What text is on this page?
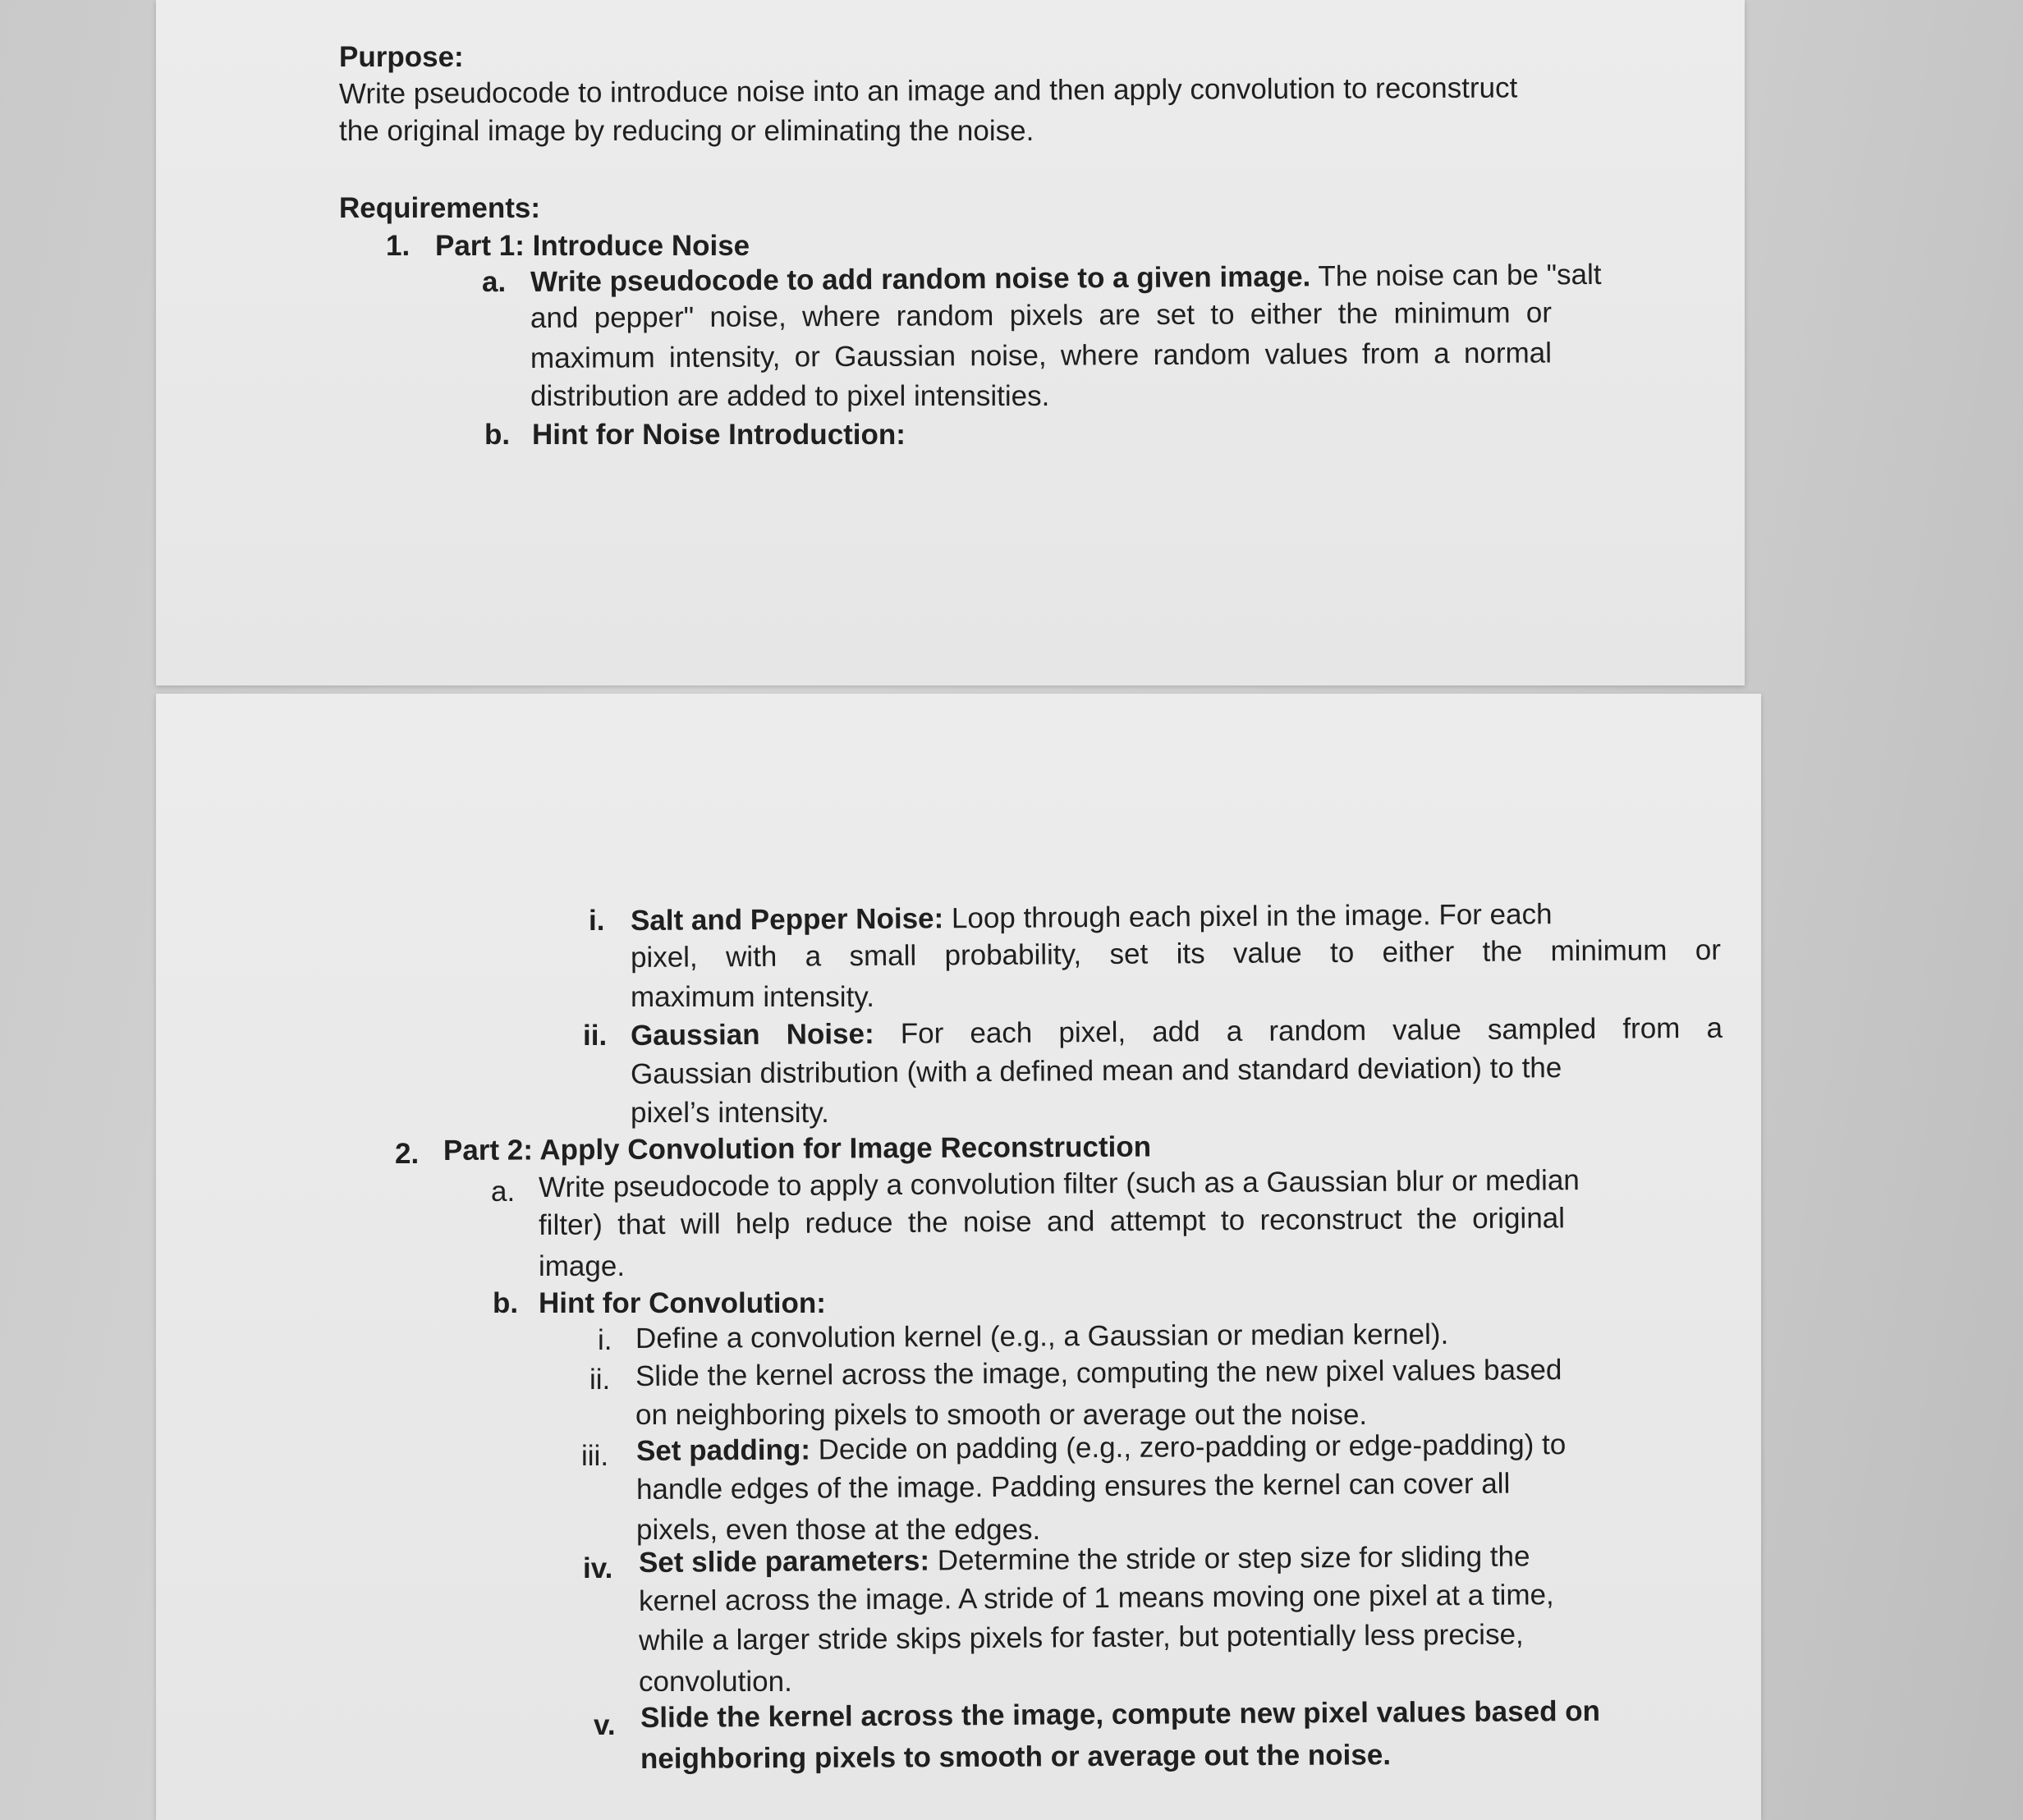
Purpose:
Write pseudocode to introduce noise into an image and then apply convolution to reconstruct
the original image by reducing or eliminating the noise.
Requirements:
1. Part 1: Introduce Noise
a. Write pseudocode to add random noise to a given image. The noise can be "salt
and pepper" noise, where random pixels are set to either the minimum or
maximum intensity, or Gaussian noise, where random values from a normal
distribution are added to pixel intensities.
b. Hint for Noise Introduction:
i. Salt and Pepper Noise: Loop through each pixel in the image. For each
pixel, with a small probability, set its value to either the minimum or
maximum intensity.
ii. Gaussian Noise: For each pixel, add a random value sampled from a
Gaussian distribution (with a defined mean and standard deviation) to the
pixel’s intensity.
2. Part 2: Apply Convolution for Image Reconstruction
a. Write pseudocode to apply a convolution filter (such as a Gaussian blur or median
filter) that will help reduce the noise and attempt to reconstruct the original
image.
b. Hint for Convolution:
i. Define a convolution kernel (e.g., a Gaussian or median kernel).
ii. Slide the kernel across the image, computing the new pixel values based
on neighboring pixels to smooth or average out the noise.
iii. Set padding: Decide on padding (e.g., zero-padding or edge-padding) to
handle edges of the image. Padding ensures the kernel can cover all
pixels, even those at the edges.
iv. Set slide parameters: Determine the stride or step size for sliding the
kernel across the image. A stride of 1 means moving one pixel at a time,
while a larger stride skips pixels for faster, but potentially less precise,
convolution.
v. Slide the kernel across the image, compute new pixel values based on
neighboring pixels to smooth or average out the noise.
